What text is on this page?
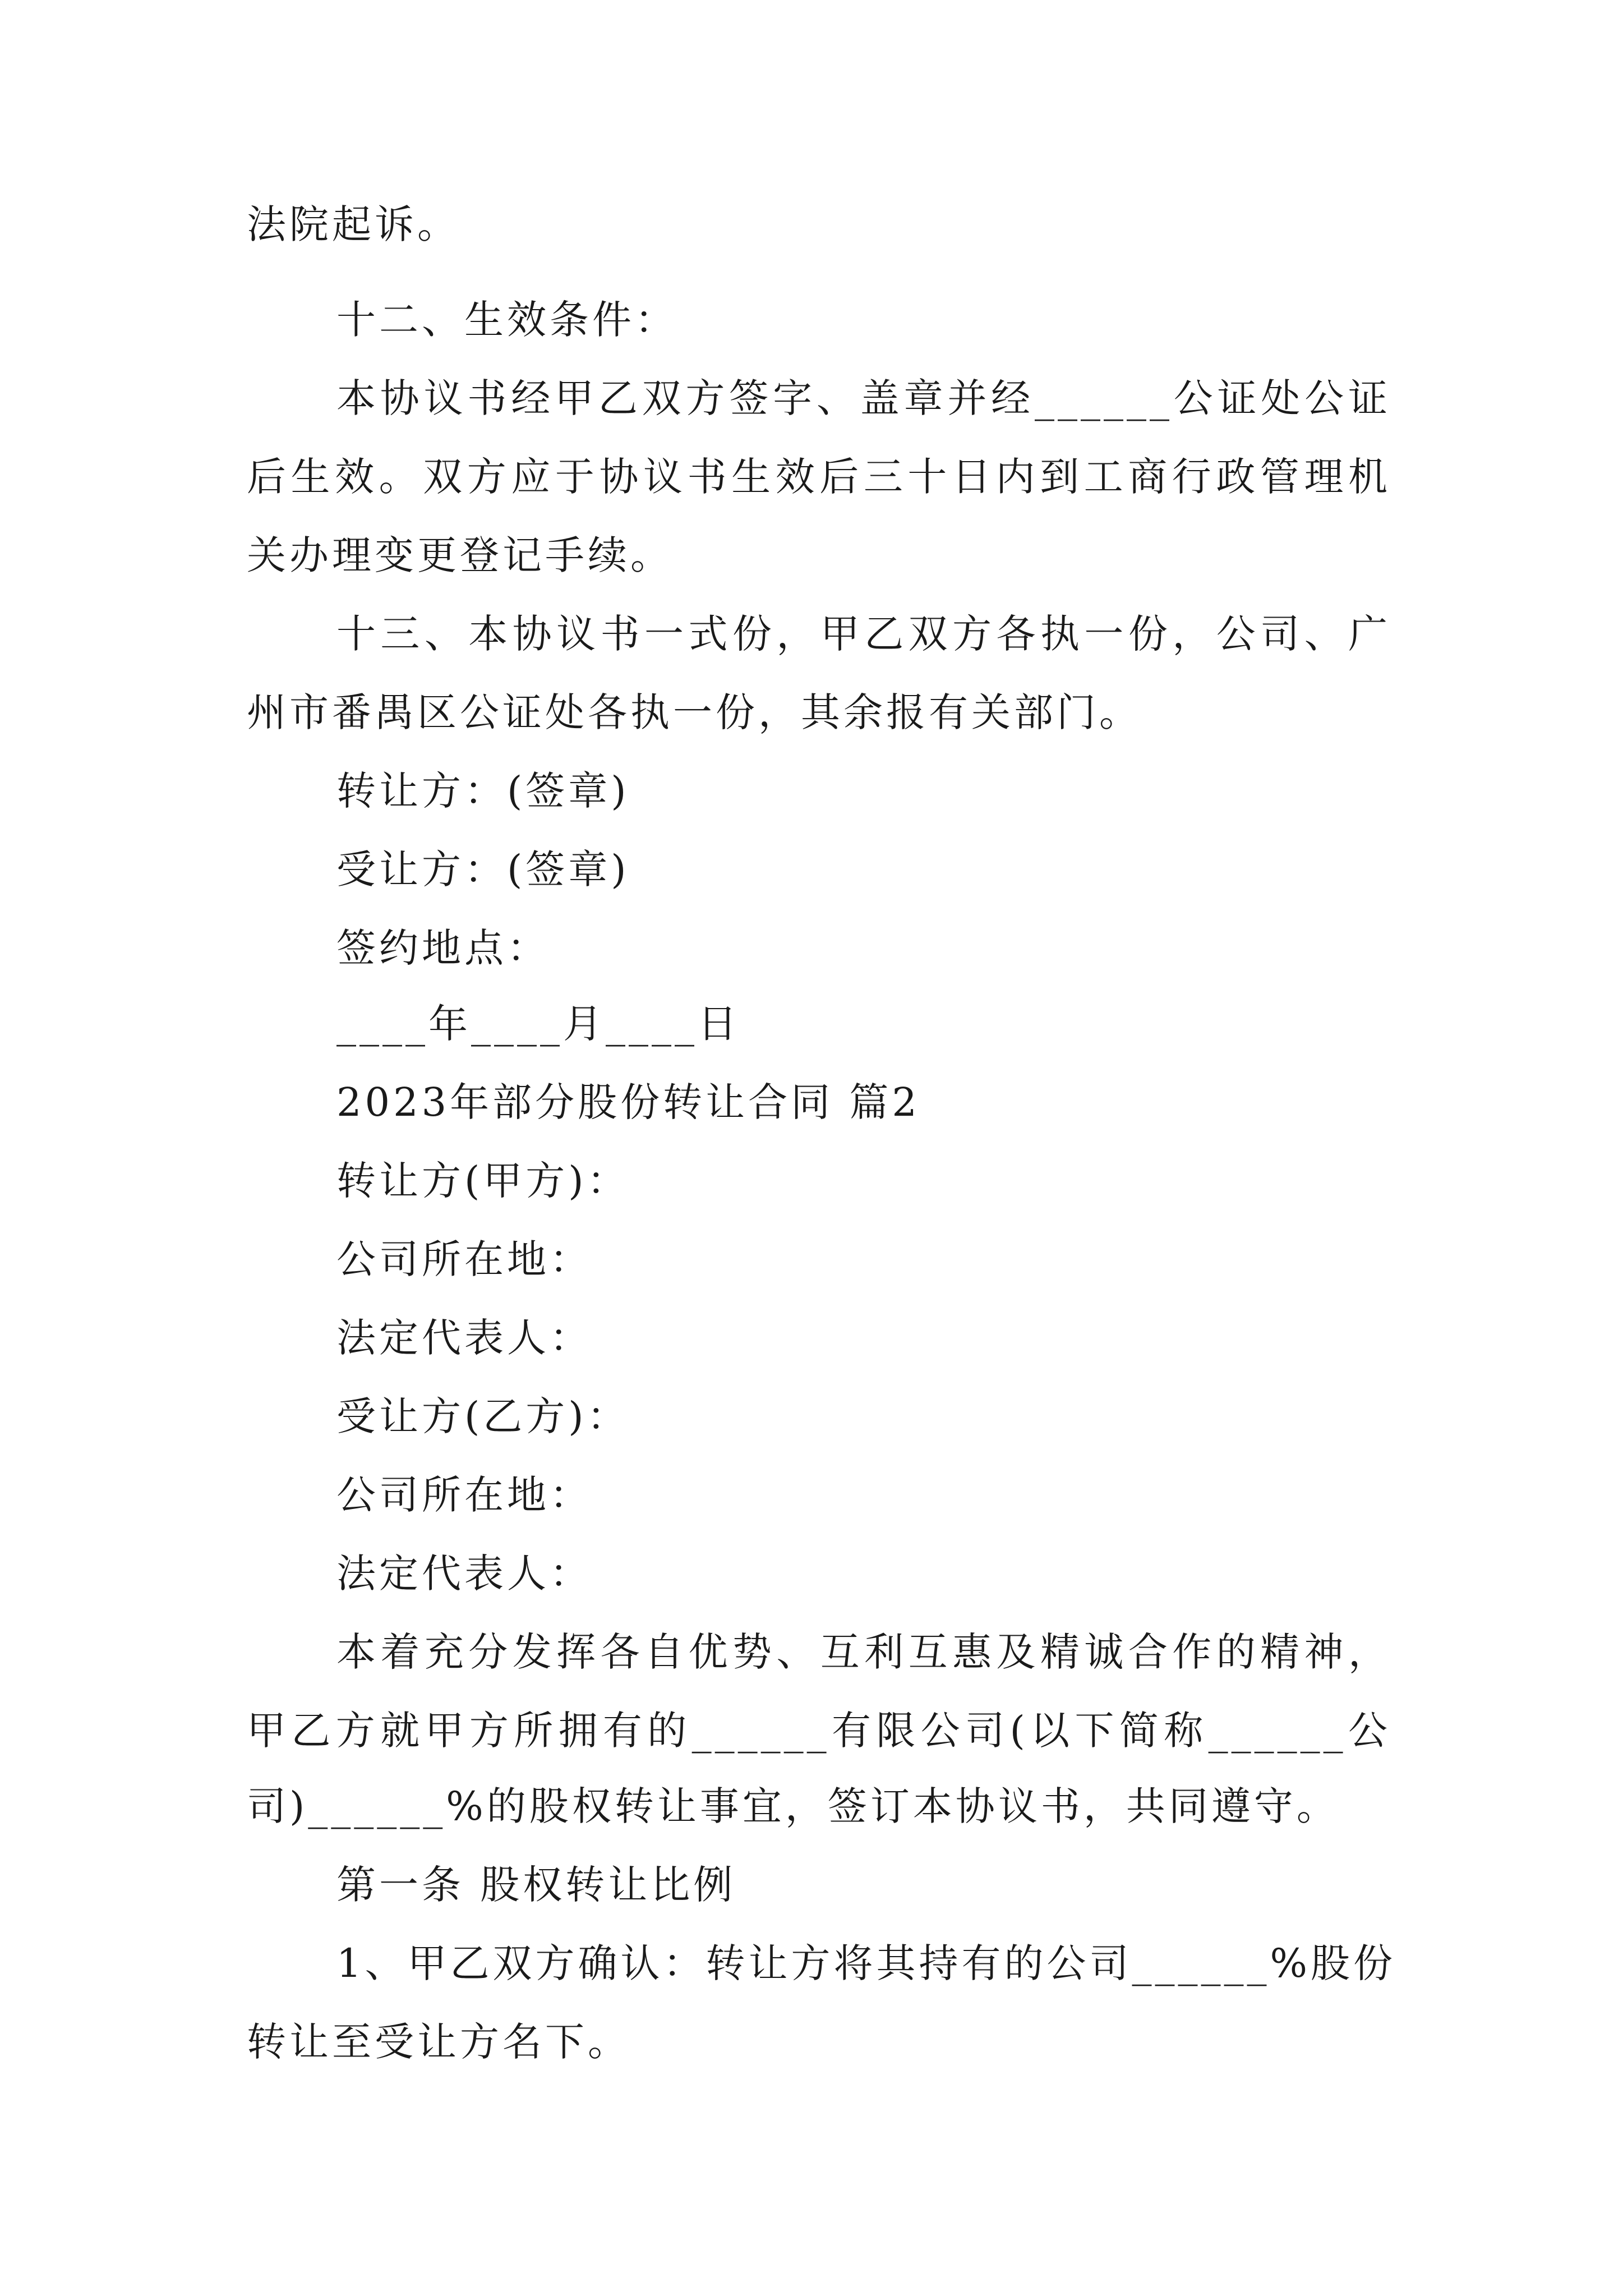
法院起诉。
十二、生效条件：
本协议书经甲乙双方签字、盖章并经______公证处公证
后生效。双方应于协议书生效后三十日内到工商行政管理机
关办理变更登记手续。
十三、本协议书一式份，甲乙双方各执一份，公司、广
州市番禺区公证处各执一份，其余报有关部门。
转让方：(签章)
受让方：(签章)
签约地点：
____年____月____日
2023年部分股份转让合同 篇2
转让方(甲方)：
公司所在地：
法定代表人：
受让方(乙方)：
公司所在地：
法定代表人：
本着充分发挥各自优势、互利互惠及精诚合作的精神，
甲乙方就甲方所拥有的______有限公司(以下简称______公
司)______%的股权转让事宜，签订本协议书，共同遵守。
第一条 股权转让比例
1、甲乙双方确认：转让方将其持有的公司______%股份
转让至受让方名下。
